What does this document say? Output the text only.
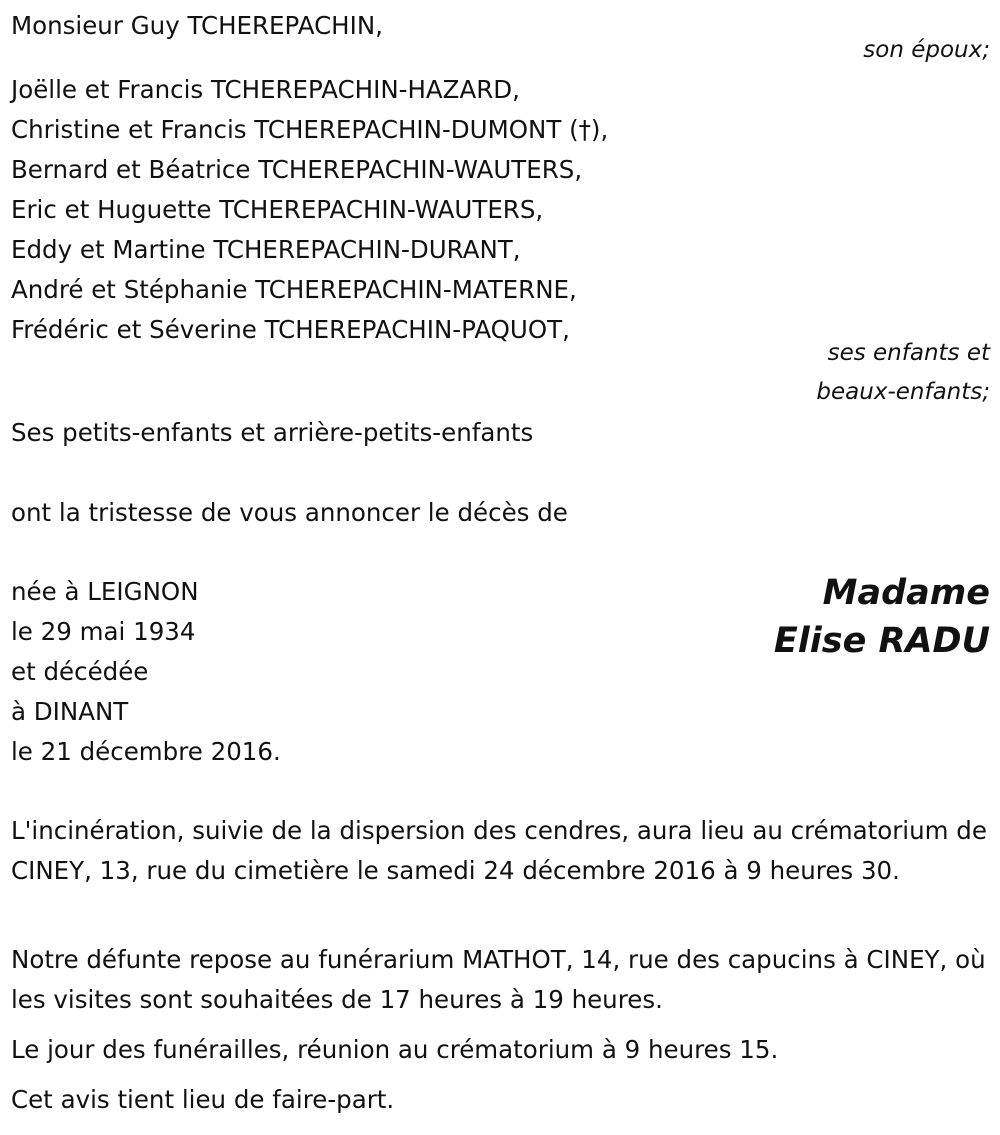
Monsieur Guy TCHEREPACHIN,
son époux;
Joëlle et Francis TCHEREPACHIN-HAZARD,
Christine et Francis TCHEREPACHIN-DUMONT (†),
Bernard et Béatrice TCHEREPACHIN-WAUTERS,
Eric et Huguette TCHEREPACHIN-WAUTERS,
Eddy et Martine TCHEREPACHIN-DURANT,
André et Stéphanie TCHEREPACHIN-MATERNE,
Frédéric et Séverine TCHEREPACHIN-PAQUOT,
ses enfants et
beaux-enfants;
Ses petits-enfants et arrière-petits-enfants
ont la tristesse de vous annoncer le décès de
Madame
Elise RADU
née à LEIGNON
le 29 mai 1934
et décédée
à DINANT
le 21 décembre 2016.
L'incinération, suivie de la dispersion des cendres, aura lieu au crématorium de CINEY, 13, rue du cimetière le samedi 24 décembre 2016 à 9 heures 30.
Notre défunte repose au funérarium MATHOT, 14, rue des capucins à CINEY, où les visites sont souhaitées de 17 heures à 19 heures.
Le jour des funérailles, réunion au crématorium à 9 heures 15.
Cet avis tient lieu de faire-part.
